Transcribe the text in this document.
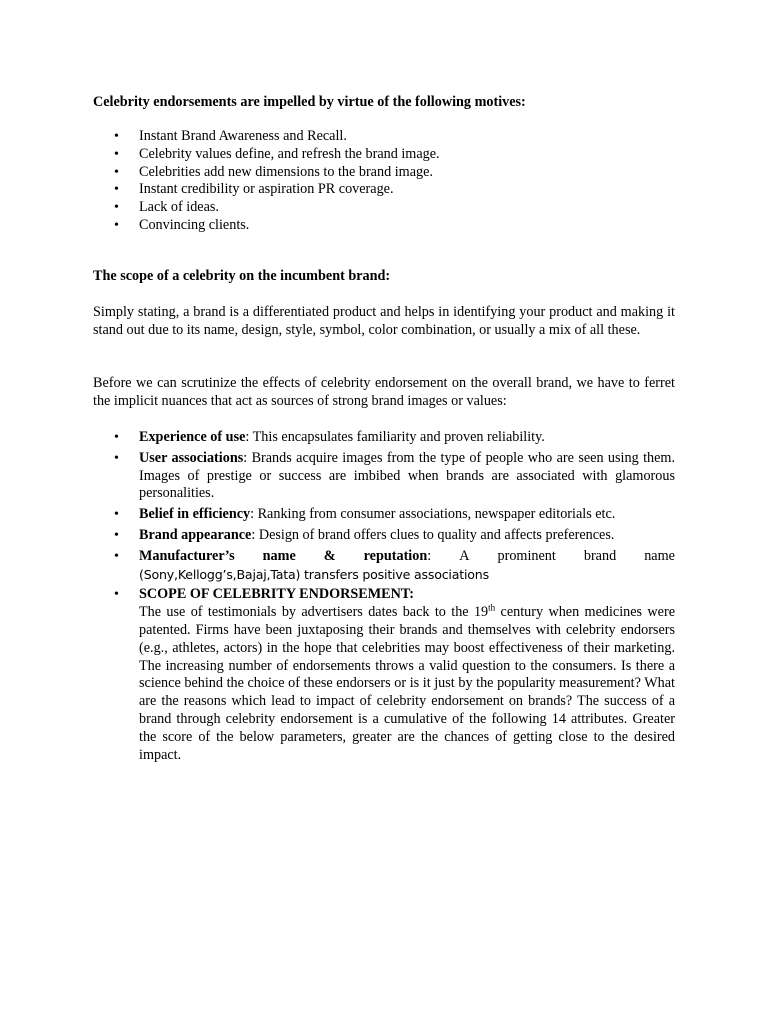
Celebrity endorsements are impelled by virtue of the following motives:

• Instant Brand Awareness and Recall.
• Celebrity values define, and refresh the brand image.
• Celebrities add new dimensions to the brand image.
• Instant credibility or aspiration PR coverage.
• Lack of ideas.
• Convincing clients.

The scope of a celebrity on the incumbent brand:

Simply stating, a brand is a differentiated product and helps in identifying your product and making it stand out due to its name, design, style, symbol, color combination, or usually a mix of all these.

Before we can scrutinize the effects of celebrity endorsement on the overall brand, we have to ferret the implicit nuances that act as sources of strong brand images or values:

• Experience of use: This encapsulates familiarity and proven reliability.
• User associations: Brands acquire images from the type of people who are seen using them. Images of prestige or success are imbibed when brands are associated with glamorous personalities.
• Belief in efficiency: Ranking from consumer associations, newspaper editorials etc.
• Brand appearance: Design of brand offers clues to quality and affects preferences.
• Manufacturer’s name & reputation: A prominent brand name
(Sony,Kellogg’s,Bajaj,Tata) transfers positive associations
• SCOPE OF CELEBRITY ENDORSEMENT:
The use of testimonials by advertisers dates back to the 19th century when medicines were patented. Firms have been juxtaposing their brands and themselves with celebrity endorsers (e.g., athletes, actors) in the hope that celebrities may boost effectiveness of their marketing. The increasing number of endorsements throws a valid question to the consumers. Is there a science behind the choice of these endorsers or is it just by the popularity measurement? What are the reasons which lead to impact of celebrity endorsement on brands? The success of a brand through celebrity endorsement is a cumulative of the following 14 attributes. Greater the score of the below parameters, greater are the chances of getting close to the desired impact.
